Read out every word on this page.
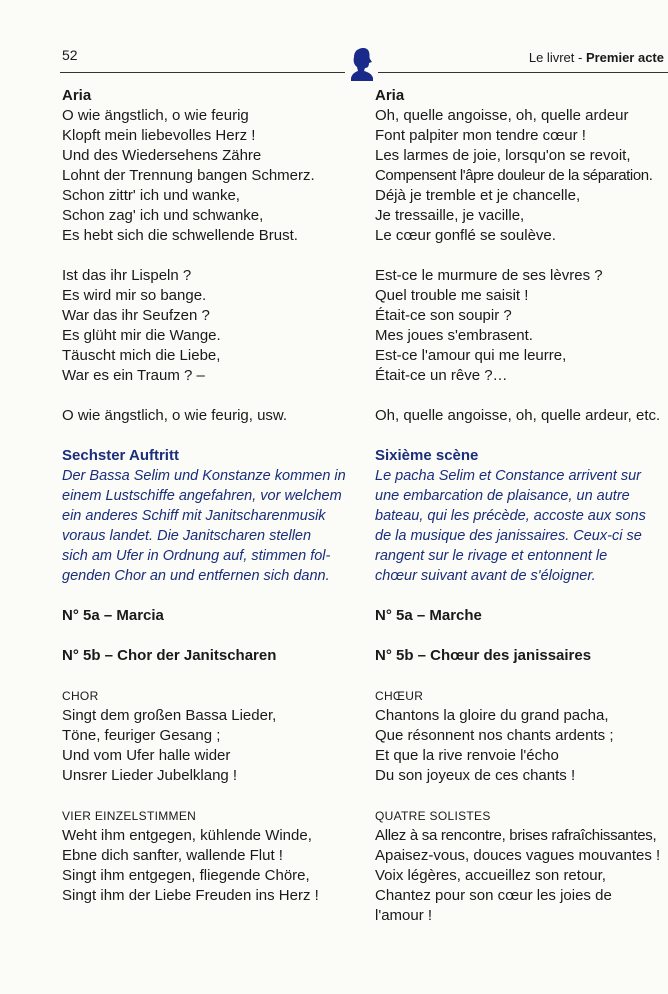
52	Le livret - Premier acte
Aria
O wie ängstlich, o wie feurig
Klopft mein liebevolles Herz !
Und des Wiedersehens Zähre
Lohnt der Trennung bangen Schmerz.
Schon zittr' ich und wanke,
Schon zag' ich und schwanke,
Es hebt sich die schwellende Brust.
Ist das ihr Lispeln ?
Es wird mir so bange.
War das ihr Seufzen ?
Es glüht mir die Wange.
Täuscht mich die Liebe,
War es ein Traum ? –
O wie ängstlich, o wie feurig, usw.
Sechster Auftritt
Der Bassa Selim und Konstanze kommen in
einem Lustschiffe angefahren, vor welchem
ein anderes Schiff mit Janitscharenmusik
voraus landet. Die Janitscharen stellen
sich am Ufer in Ordnung auf, stimmen fol-
genden Chor an und entfernen sich dann.
N° 5a – Marcia
N° 5b – Chor der Janitscharen
CHOR
Singt dem großen Bassa Lieder,
Töne, feuriger Gesang ;
Und vom Ufer halle wider
Unsrer Lieder Jubelklang !
VIER EINZELSTIMMEN
Weht ihm entgegen, kühlende Winde,
Ebne dich sanfter, wallende Flut !
Singt ihm entgegen, fliegende Chöre,
Singt ihm der Liebe Freuden ins Herz !
Aria
Oh, quelle angoisse, oh, quelle ardeur
Font palpiter mon tendre cœur !
Les larmes de joie, lorsqu'on se revoit,
Compensent l'âpre douleur de la séparation.
Déjà je tremble et je chancelle,
Je tressaille, je vacille,
Le cœur gonflé se soulève.
Est-ce le murmure de ses lèvres ?
Quel trouble me saisit !
Était-ce son soupir ?
Mes joues s'embrasent.
Est-ce l'amour qui me leurre,
Était-ce un rêve ?…
Oh, quelle angoisse, oh, quelle ardeur, etc.
Sixième scène
Le pacha Selim et Constance arrivent sur
une embarcation de plaisance, un autre
bateau, qui les précède, accoste aux sons
de la musique des janissaires. Ceux-ci se
rangent sur le rivage et entonnent le
chœur suivant avant de s'éloigner.
N° 5a – Marche
N° 5b – Chœur des janissaires
CHŒUR
Chantons la gloire du grand pacha,
Que résonnent nos chants ardents ;
Et que la rive renvoie l'écho
Du son joyeux de ces chants !
QUATRE SOLISTES
Allez à sa rencontre, brises rafraîchissantes,
Apaisez-vous, douces vagues mouvantes !
Voix légères, accueillez son retour,
Chantez pour son cœur les joies de
l'amour !
